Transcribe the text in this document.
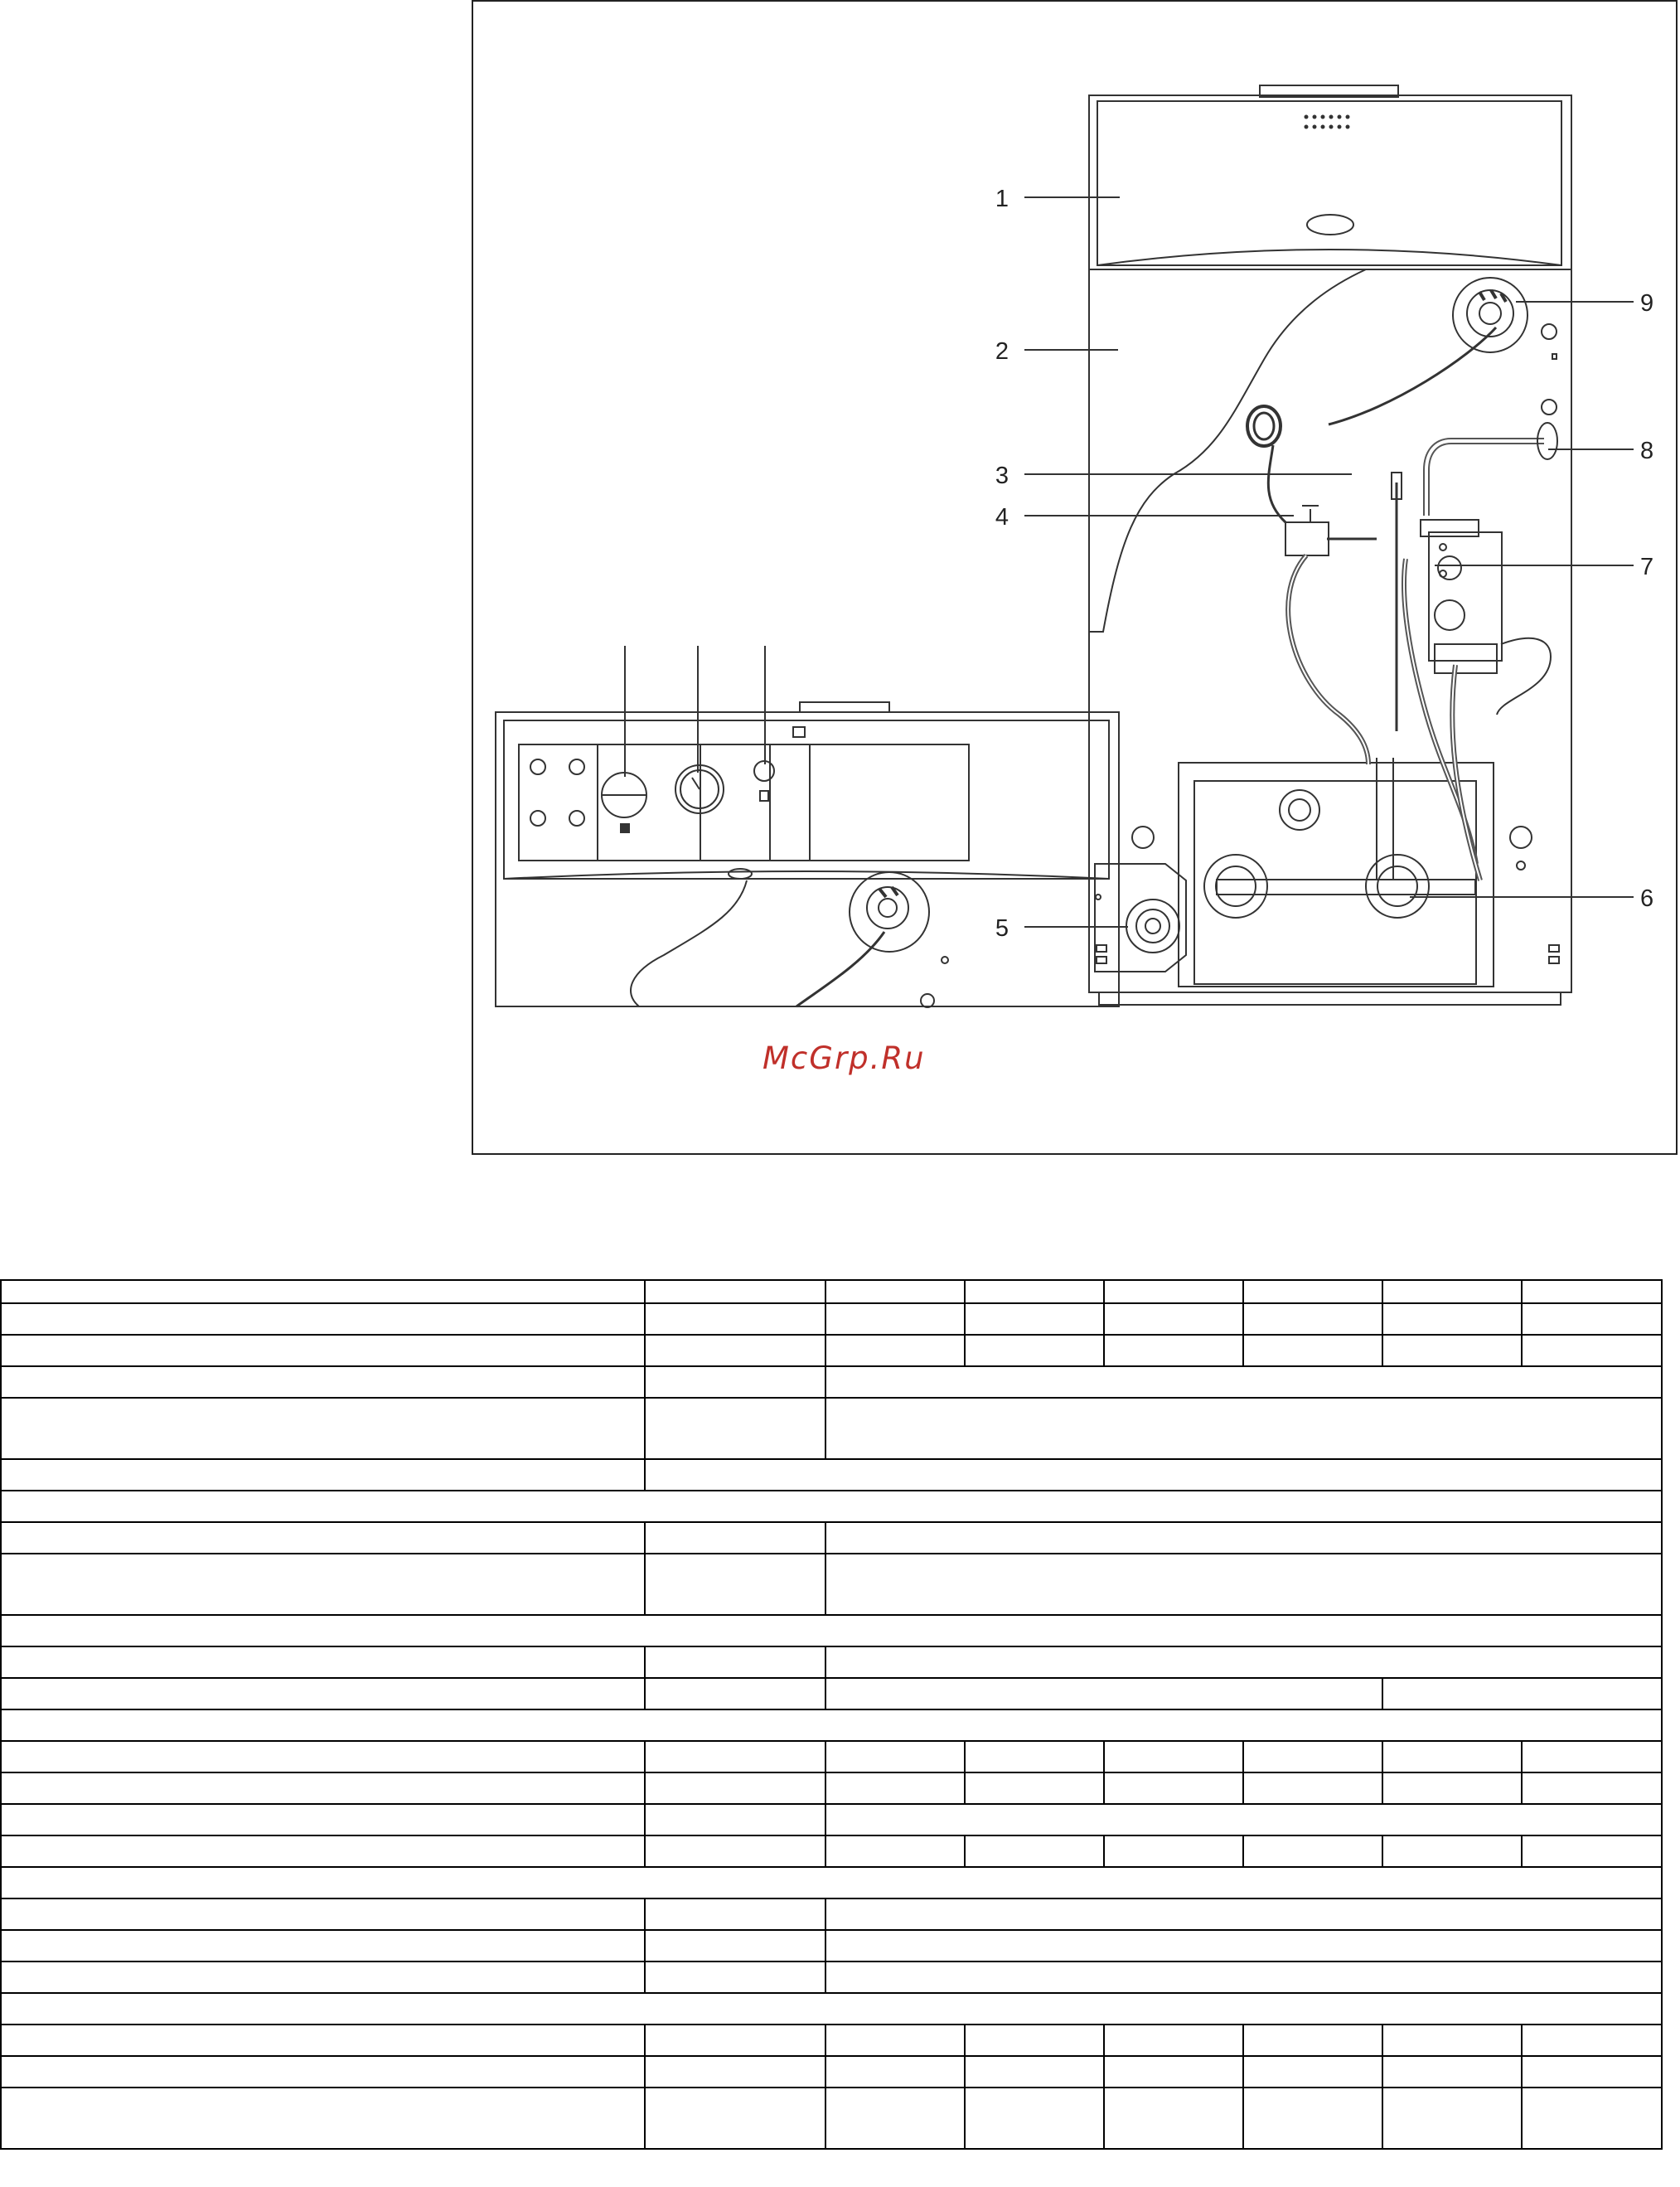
1
2
3
4
5
6
7
8
9
McGrp.Ru
